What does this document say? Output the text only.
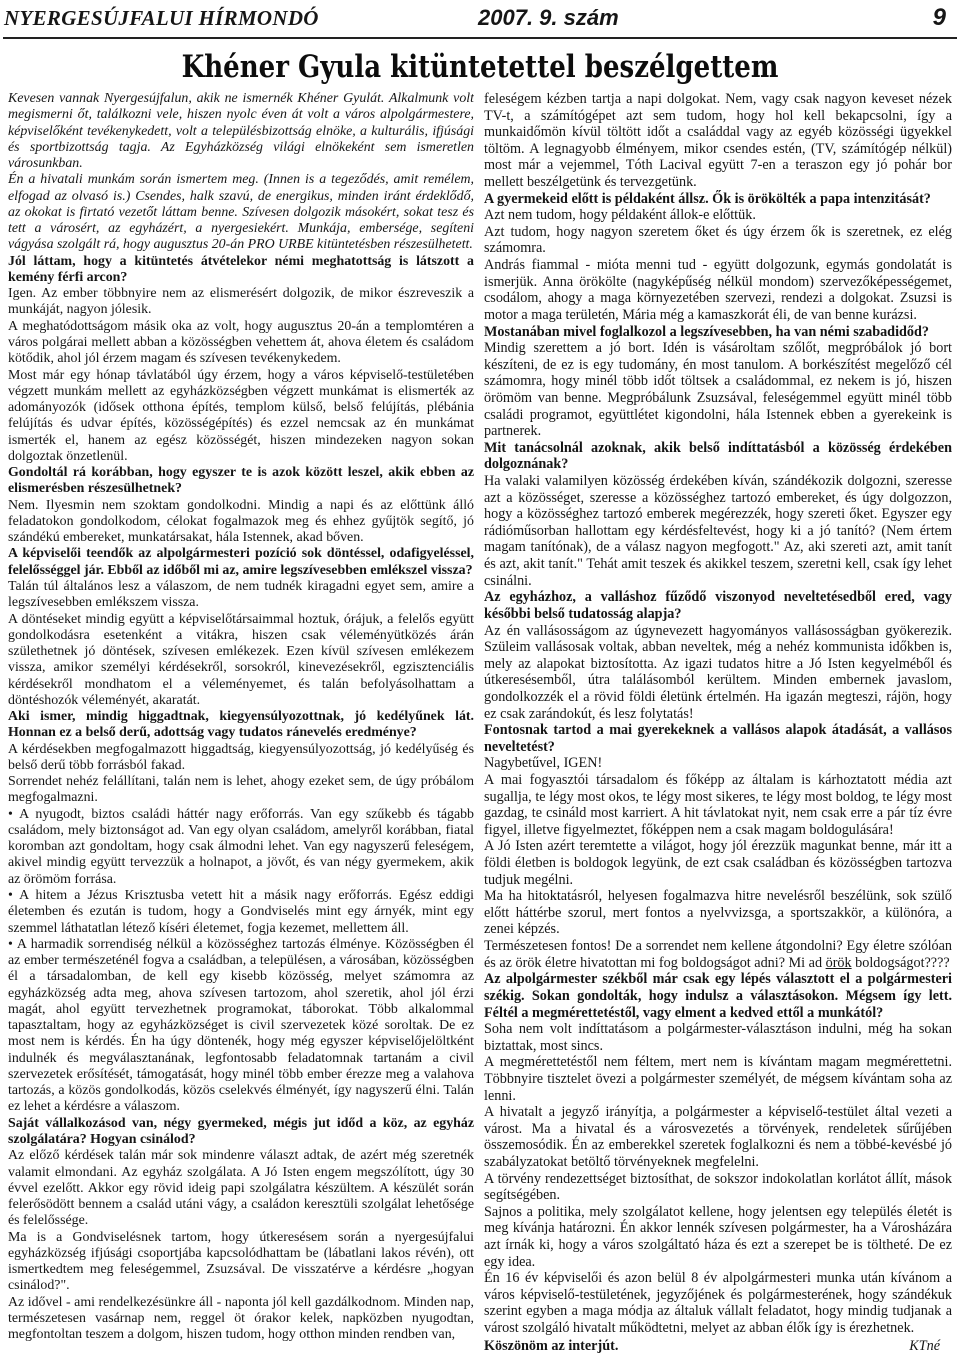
NYERGESÚJFALUI HÍRMONDÓ	2007. 9. szám	9
Khéner Gyula kitüntetettel beszélgettem

Kevesen vannak Nyergesújfalun, akik ne ismernék Khéner Gyulát. Alkalmunk volt megismerni őt, találkozni vele, hiszen nyolc éven át volt a város alpolgármestere, képviselőként tevékenykedett, volt a településbizottság elnöke, a kulturális, ifjúsági és sportbizottság tagja. Az Egyházközség világi elnökeként sem ismeretlen városunkban.

Én a hivatali munkám során ismertem meg. (Innen is a tegeződés, amit remélem, elfogad az olvasó is.) Csendes, halk szavú, de energikus, minden iránt érdeklődő, az okokat is firtató vezetőt láttam benne. Szívesen dolgozik másokért, sokat tesz és tett a városért, az egyházért, a nyergesiekért. Munkája, embersége, segíteni vágyása szolgált rá, hogy augusztus 20-án PRO URBE kitüntetésben részesülhetett.

Jól láttam, hogy a kitüntetés átvételekor némi meghatottság is látszott a kemény férfi arcon?

Igen. Az ember többnyire nem az elismerésért dolgozik, de mikor észreveszik a munkáját, nagyon jólesik.

A meghatódottságom másik oka az volt, hogy augusztus 20-án a templomtéren a város polgárai mellett abban a közösségben vehettem át, ahova életem és családom kötődik, ahol jól érzem magam és szívesen tevékenykedem.

Most már egy hónap távlatából úgy érzem, hogy a város képviselő-testületében végzett munkám mellett az egyházközségben végzett munkámat is elismerték az adományozók (idősek otthona építés, templom külső, belső felújítás, plébánia felújítás és udvar építés, közösségépítés) és ezzel nemcsak az én munkámat ismerték el, hanem az egész közösségét, hiszen mindezeken nagyon sokan dolgoztak önzetlenül.

Gondoltál rá korábban, hogy egyszer te is azok között leszel, akik ebben az elismerésben részesülhetnek?

Nem. Ilyesmin nem szoktam gondolkodni. Mindig a napi és az előttünk álló feladatokon gondolkodom, célokat fogalmazok meg és ehhez gyűjtök segítő, jó szándékú embereket, munkatársakat, hála Istennek, akad bőven.

A képviselői teendők az alpolgármesteri pozíció sok döntéssel, odafigyeléssel, felelősséggel jár. Ebből az időből mi az, amire legszívesebben emlékszel vissza?

Talán túl általános lesz a válaszom, de nem tudnék kiragadni egyet sem, amire a legszívesebben emlékszem vissza.

A döntéseket mindig együtt a képviselőtársaimmal hoztuk, órájuk, a felelős együtt gondolkodásra esetenként a vitákra, hiszen csak véleményütközés árán születhetnek jó döntések, szívesen emlékezek. Ezen kívül szívesen emlékezem vissza, amikor személyi kérdésekről, sorsokról, kinevezésekről, egzisztenciális kérdésekről mondhatom el a véleményemet, és talán befolyásolhattam a döntéshozók véleményét, akaratát.

Aki ismer, mindig higgadtnak, kiegyensúlyozottnak, jó kedélyűnek lát. Honnan ez a belső derű, adottság vagy tudatos ránevelés eredménye?

A kérdésekben megfogalmazott higgadtság, kiegyensúlyozottság, jó kedélyűség és belső derű több forrásból fakad.

Sorrendet nehéz felállítani, talán nem is lehet, ahogy ezeket sem, de úgy próbálom megfogalmazni.

• A nyugodt, biztos családi háttér nagy erőforrás. Van egy szűkebb és tágabb családom, mely biztonságot ad. Van egy olyan családom, amelyről korábban, fiatal koromban azt gondoltam, hogy csak álmodni lehet. Van egy nagyszerű feleségem, akivel mindig együtt tervezzük a holnapot, a jövőt, és van négy gyermekem, akik az örömöm forrása.

• A hitem a Jézus Krisztusba vetett hit a másik nagy erőforrás. Egész eddigi életemben és ezután is tudom, hogy a Gondviselés mint egy árnyék, mint egy szemmel láthatatlan létező kíséri életemet, fogja kezemet, mellettem áll.

• A harmadik sorrendiség nélkül a közösséghez tartozás élménye. Közösségben él az ember természeténél fogva a családban, a településen, a városában, közösségben él a társadalomban, de kell egy kisebb közösség, melyet számomra az egyházközség adta meg, ahova szívesen tartozom, ahol szeretik, ahol jól érzi magát, ahol együtt tervezhetnek programokat, táborokat. Több alkalommal tapasztaltam, hogy az egyházközséget is civil szervezetek közé soroltak. De ez most nem is kérdés. Én ha úgy döntenék, hogy még egyszer képviselőjelöltként indulnék és megválasztanának, legfontosabb feladatomnak tartanám a civil szervezetek erősítését, támogatását, hogy minél több ember érezze meg a valahova tartozás, a közös gondolkodás, közös cselekvés élményét, így nagyszerű élni. Talán ez lehet a kérdésre a válaszom.

Saját vállalkozásod van, négy gyermeked, mégis jut időd a köz, az egyház szolgálatára? Hogyan csinálod?

Az előző kérdések talán már sok mindenre választ adtak, de azért még szeretnék valamit elmondani. Az egyház szolgálata. A Jó Isten engem megszólított, úgy 30 évvel ezelőtt. Akkor egy rövid ideig papi szolgálatra készültem. A készülét során felerősödött bennem a család utáni vágy, a családon keresztüli szolgálat lehetősége és felelőssége.

Ma is a Gondviselésnek tartom, hogy útkeresésem során a nyergesújfalui egyházközség ifjúsági csoportjába kapcsolódhattam be (lábatlani lakos révén), ott ismertkedtem meg feleségemmel, Zsuzsával. De visszatérve a kérdésre „hogyan csinálod?".

Az idővel - ami rendelkezésünkre áll - naponta jól kell gazdálkodnom. Minden nap, természetesen vasárnap nem, reggel öt órakor kelek, napközben nyugodtan, megfontoltan teszem a dolgom, hiszen tudom, hogy otthon minden rendben van,

feleségem kézben tartja a napi dolgokat. Nem, vagy csak nagyon keveset nézek TV-t, a számítógépet azt sem tudom, hogy hol kell bekapcsolni, így a munkaidőmön kívül töltött időt a családdal vagy az egyéb közösségi ügyekkel töltöm. A legnagyobb élményem, mikor csendes estén, (TV, számítógép nélkül) most már a vejemmel, Tóth Lacival együtt 7-en a teraszon egy jó pohár bor mellett beszélgetünk és tervezgetünk.

A gyermekeid előtt is példaként állsz. Ők is örökölték a papa intenzitását?

Azt nem tudom, hogy példaként állok-e előttük.

Azt tudom, hogy nagyon szeretem őket és úgy érzem ők is szeretnek, ez elég számomra.

András fiammal - mióta menni tud - együtt dolgozunk, egymás gondolatát is ismerjük. Anna örökölte (nagyképűség nélkül mondom) szervezőképességemet, csodálom, ahogy a maga környezetében szervezi, rendezi a dolgokat. Zsuzsi is motor a maga területén, Mária még a kamaszkorát éli, de van benne kurázsi.

Mostanában mivel foglalkozol a legszívesebben, ha van némi szabadidőd?

Mindig szerettem a jó bort. Idén is vásároltam szőlőt, megpróbálok jó bort készíteni, de ez is egy tudomány, én most tanulom. A borkészítést megelőző cél számomra, hogy minél több időt töltsek a családommal, ez nekem is jó, hiszen örömöm van benne. Megpróbálunk Zsuzsával, feleségemmel együtt minél több családi programot, együttlétet kigondolni, hála Istennek ebben a gyerekeink is partnerek.

Mit tanácsolnál azoknak, akik belső indíttatásból a közösség érdekében dolgoznának?

Ha valaki valamilyen közösség érdekében kíván, szándékozik dolgozni, szeresse azt a közösséget, szeresse a közösséghez tartozó embereket, és úgy dolgozzon, hogy a közösséghez tartozó emberek megérezzék, hogy szereti őket. Egyszer egy rádióműsorban hallottam egy kérdésfeltevést, hogy ki a jó tanító? (Nem értem magam tanítónak), de a válasz nagyon megfogott." Az, aki szereti azt, amit tanít és azt, akit tanít." Tehát amit teszek és akikkel teszem, szeretni kell, csak így lehet csinálni.

Az egyházhoz, a valláshoz fűződő viszonyod neveltetésedből ered, vagy későbbi belső tudatosság alapja?

Az én vallásosságom az úgynevezett hagyományos vallásosságban gyökerezik. Szüleim vallásosak voltak, abban neveltek, még a nehéz kommunista időkben is, mely az alapokat biztosította. Az igazi tudatos hitre a Jó Isten kegyelméből és útkeresésemből, útra találásomból kerültem. Minden embernek javaslom, gondolkozzék el a rövid földi életünk értelmén. Ha igazán megteszi, rájön, hogy ez csak zarándokút, és lesz folytatás!

Fontosnak tartod a mai gyerekeknek a vallásos alapok átadását, a vallásos neveltetést?

Nagybetűvel, IGEN!

A mai fogyasztói társadalom és főképp az általam is kárhoztatott média azt sugallja, te légy most okos, te légy most sikeres, te légy most boldog, te légy most gazdag, te csináld most karriert. A hit távlatokat nyit, nem csak erre a pár tíz évre figyel, illetve figyelmeztet, főképpen nem a csak magam boldogulására!

A Jó Isten azért teremtette a világot, hogy jól érezzük magunkat benne, már itt a földi életben is boldogok legyünk, de ezt csak családban és közösségben tartozva tudjuk megélni.

Ma ha hitoktatásról, helyesen fogalmazva hitre nevelésről beszélünk, sok szülő előtt háttérbe szorul, mert fontos a nyelvvizsga, a sportszakkör, a különóra, a zenei képzés.

Természetesen fontos! De a sorrendet nem kellene átgondolni? Egy életre szólóan és az örök életre hivatottan mi fog boldogságot adni? Mi ad örök boldogságot????

Az alpolgármester székből már csak egy lépés választott el a polgármesteri székig. Sokan gondolták, hogy indulsz a választásokon. Mégsem így lett. Féltél a megmérettetéstől, vagy elment a kedved ettől a munkától?

Soha nem volt indíttatásom a polgármester-választáson indulni, még ha sokan biztattak, most sincs.

A megmérettetéstől nem féltem, mert nem is kívántam magam megmérettetni. Többnyire tisztelet övezi a polgármester személyét, de mégsem kívántam soha az lenni.

A hivatalt a jegyző irányítja, a polgármester a képviselő-testület által vezeti a várost. Ma a hivatal és a városvezetés a törvények, rendeletek sűrűjében összemosódik. Én az emberekkel szeretek foglalkozni és nem a többé-kevésbé jó szabályzatokat betöltő törvényeknek megfelelni.

A törvény rendezettséget biztosíthat, de sokszor indokolatlan korlátot állít, mások segítségében.

Sajnos a politika, mely szolgálatot kellene, hogy jelentsen egy település életét is meg kívánja határozni. Én akkor lennék szívesen polgármester, ha a Városházára azt írnák ki, hogy a város szolgáltató háza és ezt a szerepet be is töltheté. De ez egy idea.

Én 16 év képviselői és azon belül 8 év alpolgármesteri munka után kívánom a város képviselő-testületének, jegyzőjének és polgármesterének, hogy szándékuk szerint egyben a maga módja az általuk vállalt feladatot, hogy mindig tudjanak a várost szolgáló hivatalt működtetni, melyet az abban élők így is érezhetnek.

Köszönöm az interjút.	KTné
